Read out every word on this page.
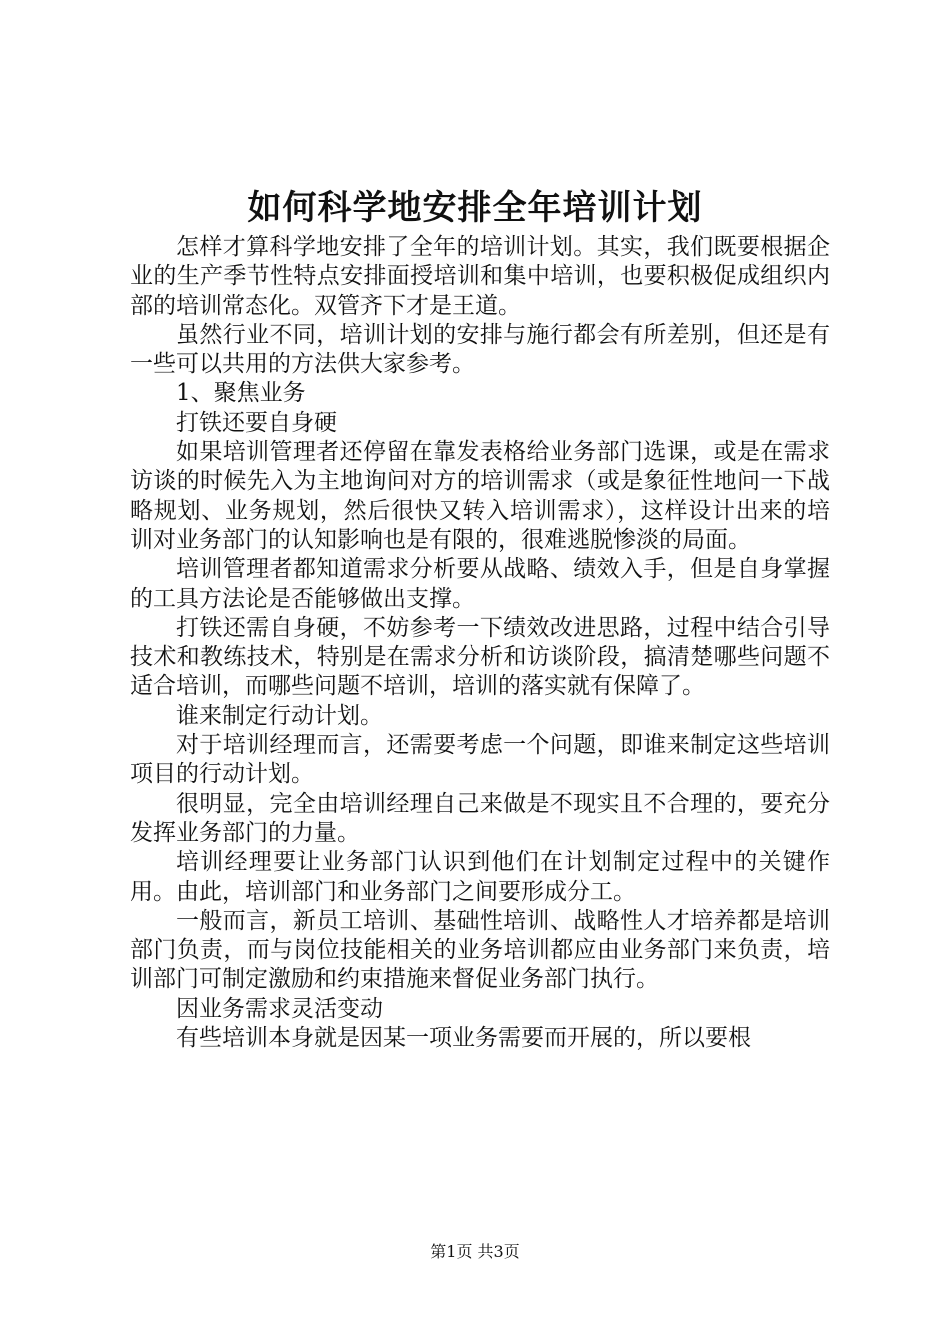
如何科学地安排全年培训计划

怎样才算科学地安排了全年的培训计划。其实，我们既要根据企业的生产季节性特点安排面授培训和集中培训，也要积极促成组织内部的培训常态化。双管齐下才是王道。

虽然行业不同，培训计划的安排与施行都会有所差别，但还是有一些可以共用的方法供大家参考。

1、聚焦业务

打铁还要自身硬

如果培训管理者还停留在靠发表格给业务部门选课，或是在需求访谈的时候先入为主地询问对方的培训需求（或是象征性地问一下战略规划、业务规划，然后很快又转入培训需求），这样设计出来的培训对业务部门的认知影响也是有限的，很难逃脱惨淡的局面。

培训管理者都知道需求分析要从战略、绩效入手，但是自身掌握的工具方法论是否能够做出支撑。

打铁还需自身硬，不妨参考一下绩效改进思路，过程中结合引导技术和教练技术，特别是在需求分析和访谈阶段，搞清楚哪些问题不适合培训，而哪些问题不培训，培训的落实就有保障了。

谁来制定行动计划。

对于培训经理而言，还需要考虑一个问题，即谁来制定这些培训项目的行动计划。

很明显，完全由培训经理自己来做是不现实且不合理的，要充分发挥业务部门的力量。

培训经理要让业务部门认识到他们在计划制定过程中的关键作用。由此，培训部门和业务部门之间要形成分工。

一般而言，新员工培训、基础性培训、战略性人才培养都是培训部门负责，而与岗位技能相关的业务培训都应由业务部门来负责，培训部门可制定激励和约束措施来督促业务部门执行。

因业务需求灵活变动

有些培训本身就是因某一项业务需要而开展的，所以要根

第1页 共3页
